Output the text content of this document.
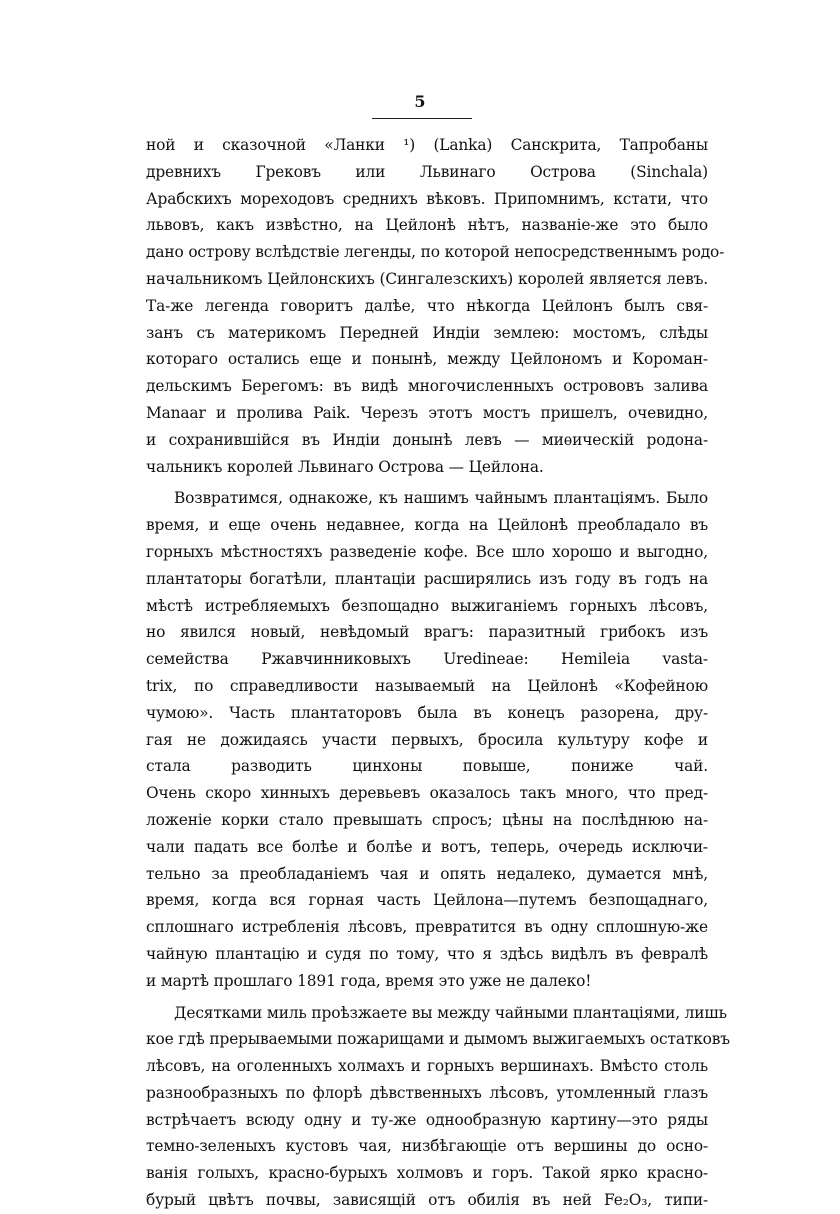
5
ной и сказочной «Ланки ¹) (Lanka) Санскрита, Тапробаны
древнихъ Грековъ или Львинаго Острова (Sinchala)
Арабскихъ мореходовъ среднихъ вѣковъ. Припомнимъ, кстати, что
львовъ, какъ извѣстно, на Цейлонѣ нѣтъ, названіе-же это было
дано острову вслѣдствіе легенды, по которой непосредственнымъ родо-
начальникомъ Цейлонскихъ (Сингалезскихъ) королей является левъ.
Та-же легенда говоритъ далѣе, что нѣкогда Цейлонъ былъ свя-
занъ съ материкомъ Передней Индіи землею: мостомъ, слѣды
котораго остались еще и понынѣ, между Цейлономъ и Короман-
дельскимъ Берегомъ: въ видѣ многочисленныхъ острововъ залива
Manaar и пролива Paik. Черезъ этотъ мостъ пришелъ, очевидно,
и сохранившійся въ Индіи донынѣ левъ — миѳическій родона-
чальникъ королей Львинаго Острова — Цейлона.
Возвратимся, однакоже, къ нашимъ чайнымъ плантаціямъ. Было
время, и еще очень недавнее, когда на Цейлонѣ преобладало въ
горныхъ мѣстностяхъ разведеніе кофе. Все шло хорошо и выгодно,
плантаторы богатѣли, плантаціи расширялись изъ году въ годъ на
мѣстѣ истребляемыхъ безпощадно выжиганіемъ горныхъ лѣсовъ,
но явился новый, невѣдомый врагъ: паразитный грибокъ изъ
семейства Ржавчинниковыхъ Uredineae: Hemileia vasta-
trix, по справедливости называемый на Цейлонѣ «Кофейною
чумою». Часть плантаторовъ была въ конецъ разорена, дру-
гая не дожидаясь участи первыхъ, бросила культуру кофе и
стала разводить цинхоны повыше, пониже чай.
Очень скоро хинныхъ деревьевъ оказалось такъ много, что пред-
ложеніе корки стало превышать спросъ; цѣны на послѣднюю на-
чали падать все болѣе и болѣе и вотъ, теперь, очередь исключи-
тельно за преобладаніемъ чая и опять недалеко, думается мнѣ,
время, когда вся горная часть Цейлона—путемъ безпощаднаго,
сплошнаго истребленія лѣсовъ, превратится въ одну сплошную-же
чайную плантацію и судя по тому, что я здѣсь видѣлъ въ февралѣ
и мартѣ прошлаго 1891 года, время это уже не далеко!
Десятками миль проѣзжаете вы между чайными плантаціями, лишь
кое гдѣ прерываемыми пожарищами и дымомъ выжигаемыхъ остатковъ
лѣсовъ, на оголенныхъ холмахъ и горныхъ вершинахъ. Вмѣсто столь
разнообразныхъ по флорѣ дѣвственныхъ лѣсовъ, утомленный глазъ
встрѣчаетъ всюду одну и ту-же однообразную картину—это ряды
темно-зеленыхъ кустовъ чая, низбѣгающіе отъ вершины до осно-
ванія голыхъ, красно-бурыхъ холмовъ и горъ. Такой ярко красно-
бурый цвѣтъ почвы, зависящій отъ обилія въ ней Fe₂O₃, типи-
